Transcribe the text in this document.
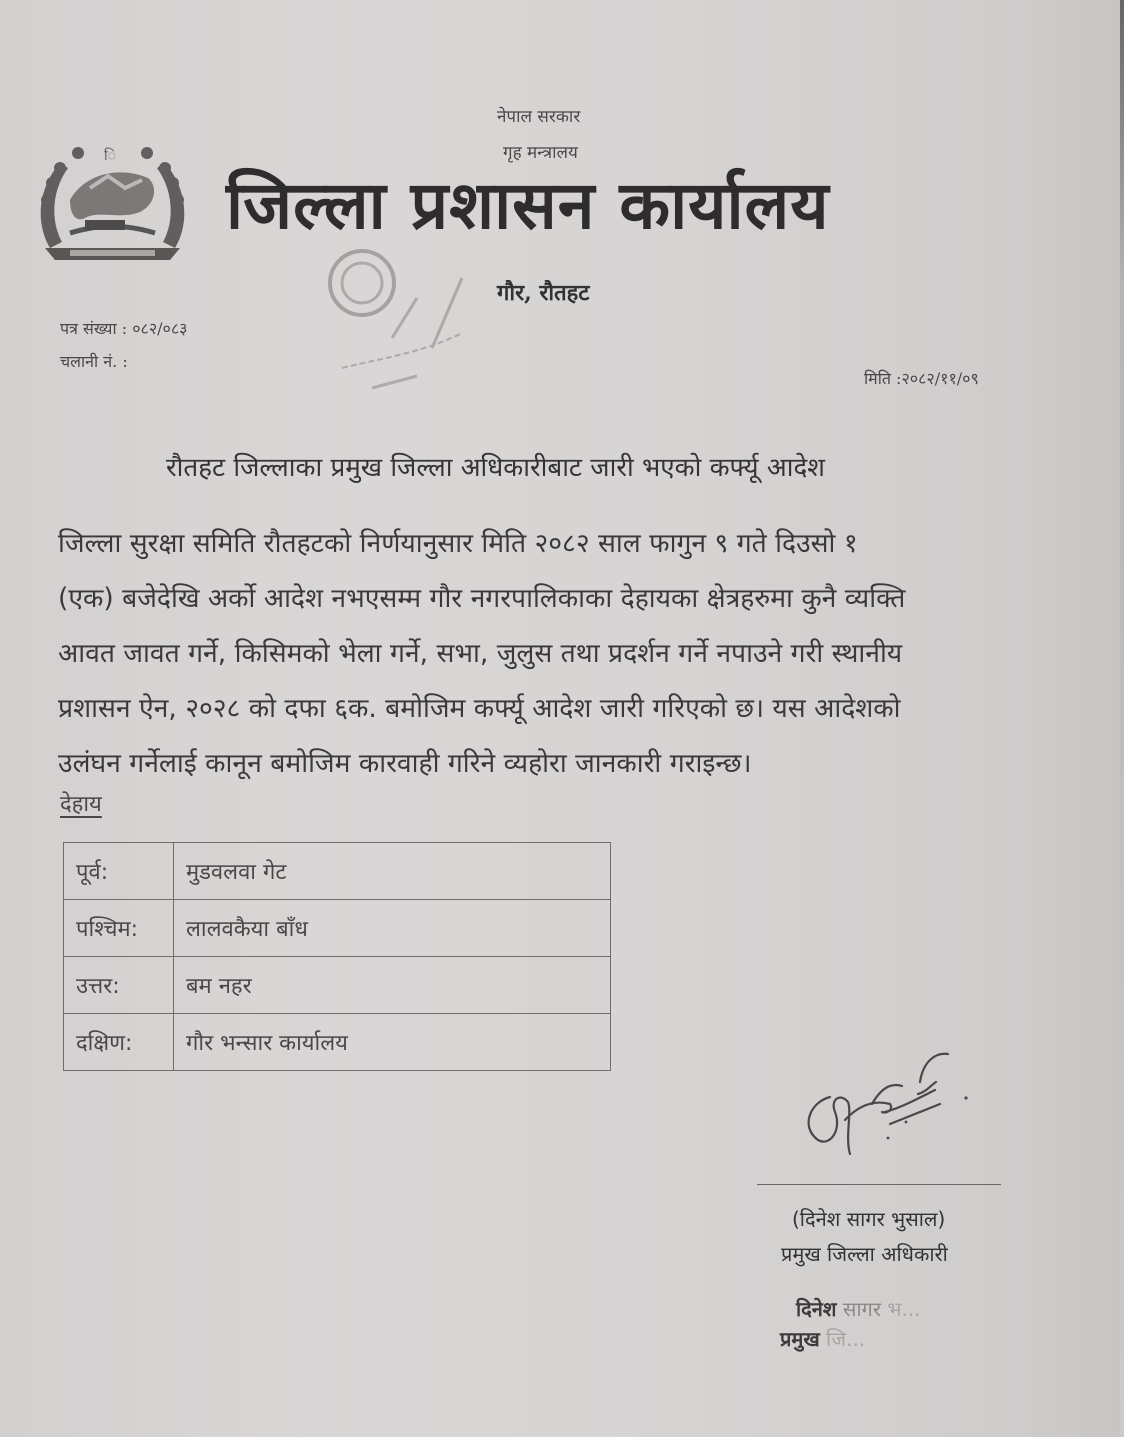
ि
नेपाल सरकार
गृह मन्त्रालय
जिल्ला प्रशासन कार्यालय
गौर, रौतहट
पत्र संख्या : ०८२/०८३
चलानी नं. :
मिति :२०८२/११/०९
रौतहट जिल्लाका प्रमुख जिल्ला अधिकारीबाट जारी भएको कर्फ्यू आदेश
जिल्ला सुरक्षा समिति रौतहटको निर्णयानुसार मिति २०८२ साल फागुन ९ गते दिउसो १
(एक) बजेदेखि अर्को आदेश नभएसम्म गौर नगरपालिकाका देहायका क्षेत्रहरुमा कुनै व्यक्ति
आवत जावत गर्ने, किसिमको भेला गर्ने, सभा, जुलुस तथा प्रदर्शन गर्ने नपाउने गरी स्थानीय
प्रशासन ऐन, २०२८ को दफा ६क. बमोजिम कर्फ्यू आदेश जारी गरिएको छ। यस आदेशको
उलंघन गर्नेलाई कानून बमोजिम कारवाही गरिने व्यहोरा जानकारी गराइन्छ।
देहाय
पूर्व:	मुडवलवा गेट
पश्चिम:	लालवकैया बाँध
उत्तर:	बम नहर
दक्षिण:	गौर भन्सार कार्यालय
(दिनेश सागर भुसाल)
प्रमुख जिल्ला अधिकारी
दिनेश सागर भ...
प्रमुख जि...
